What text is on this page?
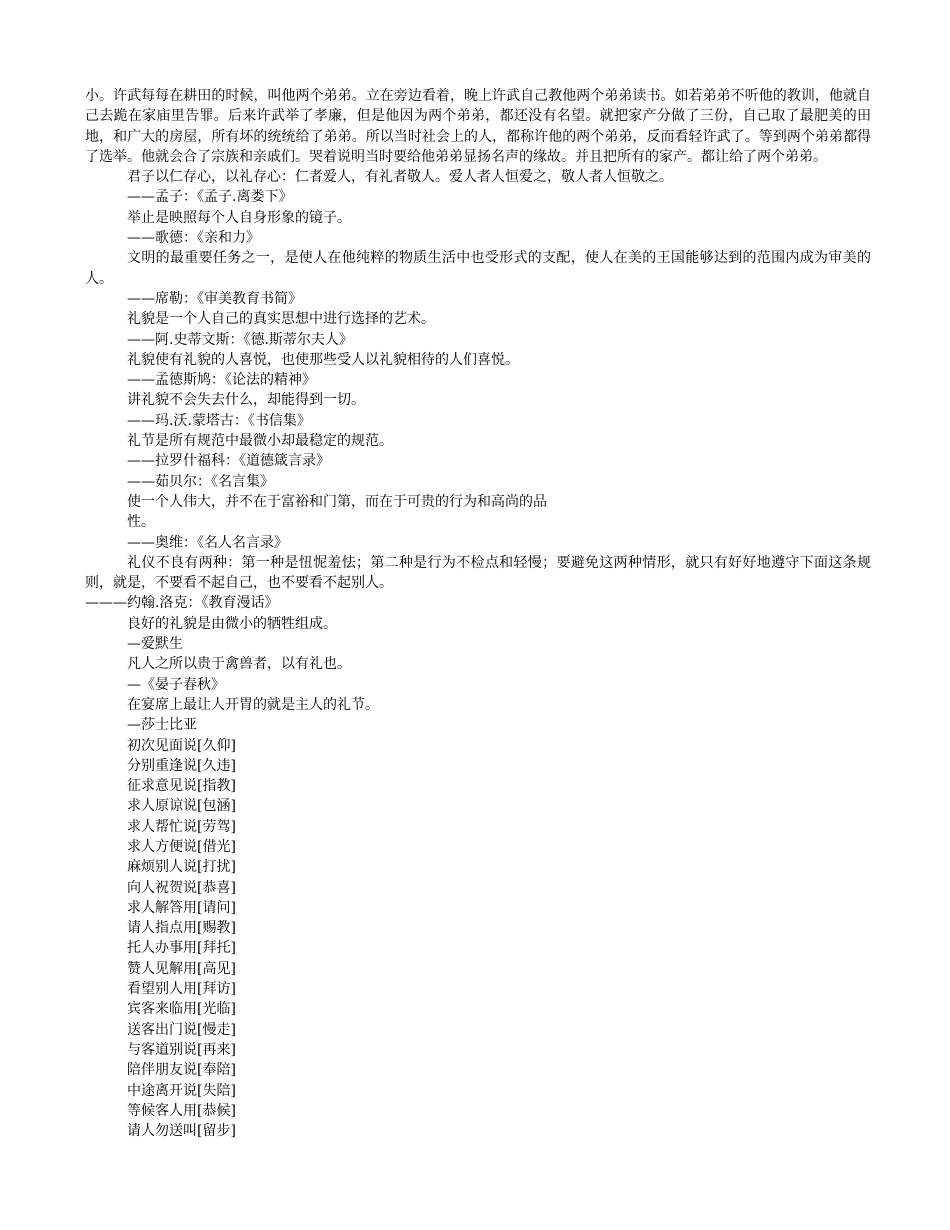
小。许武每每在耕田的时候，叫他两个弟弟。立在旁边看着，晚上许武自己教他两个弟弟读书。如若弟弟不听他的教训，他就自己去跪在家庙里告罪。后来许武举了孝廉，但是他因为两个弟弟，都还没有名望。就把家产分做了三份，自己取了最肥美的田地，和广大的房屋，所有坏的统统给了弟弟。所以当时社会上的人，都称许他的两个弟弟，反而看轻许武了。等到两个弟弟都得了选举。他就会合了宗族和亲戚们。哭着说明当时要给他弟弟显扬名声的缘故。并且把所有的家产。都让给了两个弟弟。

君子以仁存心，以礼存心：仁者爱人，有礼者敬人。爱人者人恒爱之，敬人者人恒敬之。

——孟子：《孟子.离娄下》

举止是映照每个人自身形象的镜子。

——歌德：《亲和力》

文明的最重要任务之一，是使人在他纯粹的物质生活中也受形式的支配，使人在美的王国能够达到的范围内成为审美的人。

——席勒：《审美教育书简》

礼貌是一个人自己的真实思想中进行选择的艺术。

——阿.史蒂文斯：《德.斯蒂尔夫人》

礼貌使有礼貌的人喜悦，也使那些受人以礼貌相待的人们喜悦。

——孟德斯鸠：《论法的精神》

讲礼貌不会失去什么，却能得到一切。

——玛.沃.蒙塔古：《书信集》

礼节是所有规范中最微小却最稳定的规范。

——拉罗什福科：《道德箴言录》

——茹贝尔：《名言集》

使一个人伟大，并不在于富裕和门第，而在于可贵的行为和高尚的品

性。

——奥维：《名人名言录》

礼仪不良有两种：第一种是忸怩羞怯；第二种是行为不检点和轻慢；要避免这两种情形，就只有好好地遵守下面这条规则，就是，不要看不起自己，也不要看不起别人。

———约翰.洛克：《教育漫话》

良好的礼貌是由微小的牺牲组成。

—爱默生

凡人之所以贵于禽兽者，以有礼也。

—《晏子春秋》

在宴席上最让人开胃的就是主人的礼节。

—莎士比亚

初次见面说[久仰]
分别重逢说[久违]
征求意见说[指教]
求人原谅说[包涵]
求人帮忙说[劳驾]
求人方便说[借光]
麻烦别人说[打扰]
向人祝贺说[恭喜]
求人解答用[请问]
请人指点用[赐教]
托人办事用[拜托]
赞人见解用[高见]
看望别人用[拜访]
宾客来临用[光临]
送客出门说[慢走]
与客道别说[再来]
陪伴朋友说[奉陪]
中途离开说[失陪]
等候客人用[恭候]
请人勿送叫[留步]
